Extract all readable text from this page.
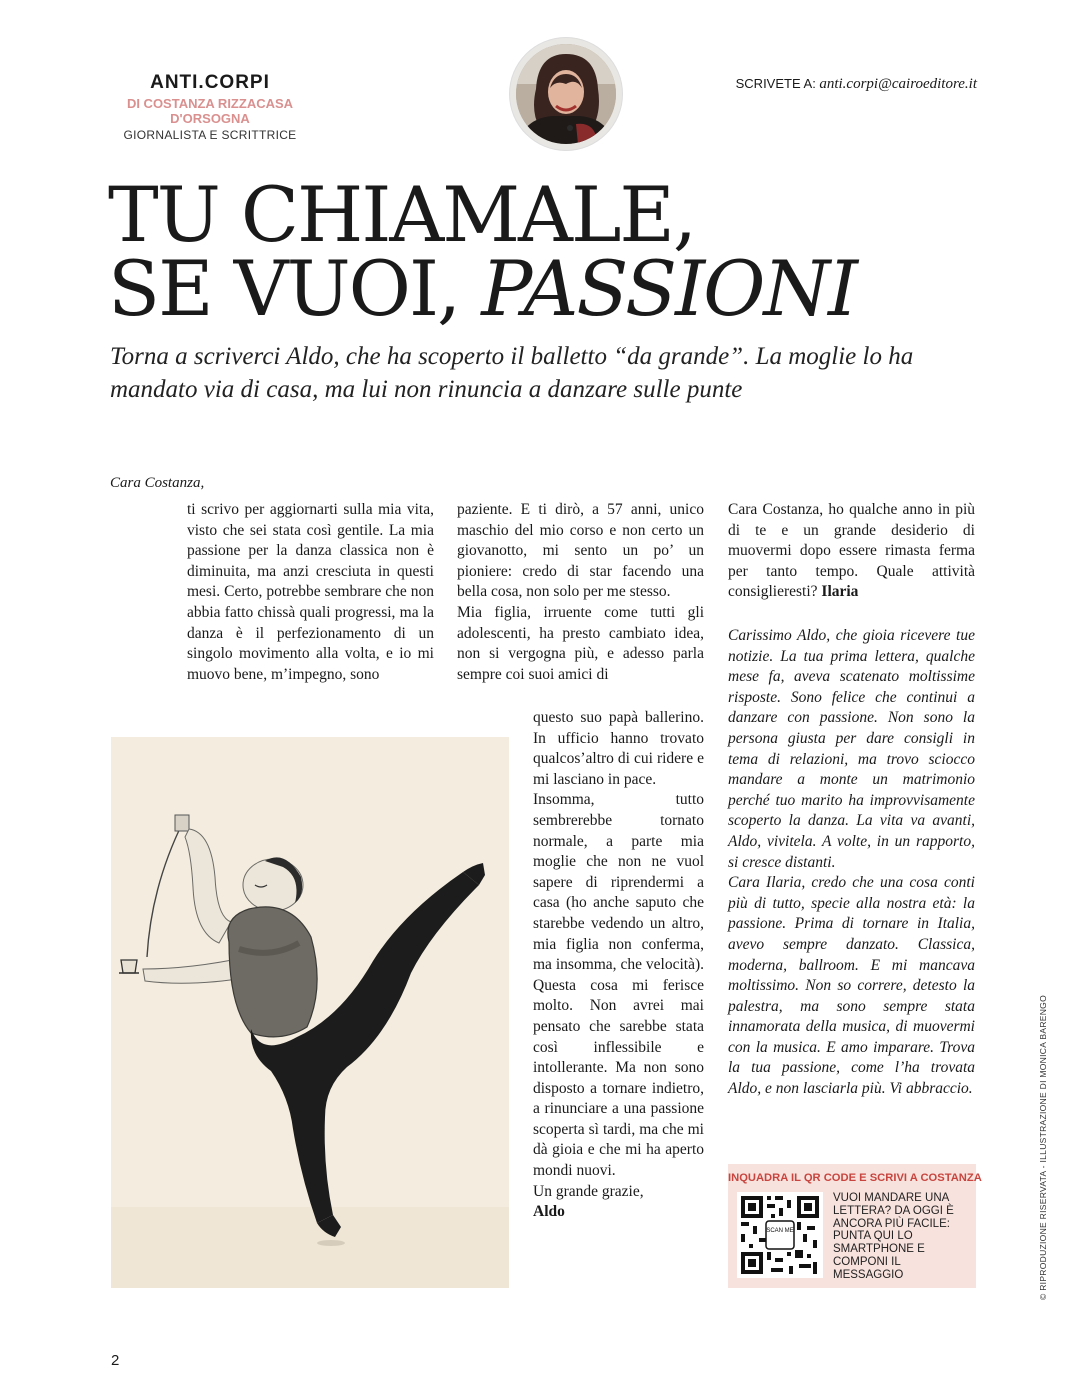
ANTI.CORPI
DI COSTANZA RIZZACASA D'ORSOGNA
GIORNALISTA E SCRITTRICE
SCRIVETE A: anti.corpi@cairoeditore.it
TU CHIAMALE,
SE VUOI, PASSIONI
Torna a scriverci Aldo, che ha scoperto il balletto “da grande”. La moglie lo ha mandato via di casa, ma lui non rinuncia a danzare sulle punte
Cara Costanza,

ti scrivo per aggiornarti sulla mia vita, visto che sei stata così gentile. La mia passione per la danza classica non è diminuita, ma anzi cresciuta in questi mesi. Certo, potrebbe sembrare che non abbia fatto chissà quali progressi, ma la danza è il perfezionamento di un singolo movimento alla volta, e io mi muovo bene, m’impegno, sono

paziente. E ti dirò, a 57 anni, unico maschio del mio corso e non certo un giovanotto, mi sento un po’ un pioniere: credo di star facendo una bella cosa, non solo per me stesso.

Mia figlia, irruente come tutti gli adolescenti, ha presto cambiato idea, non si vergogna più, e adesso parla sempre coi suoi amici di

questo suo papà ballerino. In ufficio hanno trovato qualcos’altro di cui ridere e mi lasciano in pace.

Insomma, tutto sembrerebbe tornato normale, a parte mia moglie che non ne vuol sapere di riprendermi a casa (ho anche saputo che starebbe vedendo un altro, mia figlia non conferma, ma insomma, che velocità). Questa cosa mi ferisce molto. Non avrei mai pensato che sarebbe stata così inflessibile e intollerante. Ma non sono disposto a tornare indietro, a rinunciare a una passione scoperta sì tardi, ma che mi dà gioia e che mi ha aperto mondi nuovi.

Un grande grazie,

Aldo

Cara Costanza, ho qualche anno in più di te e un grande desiderio di muovermi dopo essere rimasta ferma per tanto tempo. Quale attività consiglieresti? Ilaria

Carissimo Aldo, che gioia ricevere tue notizie. La tua prima lettera, qualche mese fa, aveva scatenato moltissime risposte. Sono felice che continui a danzare con passione. Non sono la persona giusta per dare consigli in tema di relazioni, ma trovo sciocco mandare a monte un matrimonio perché tuo marito ha improvvisamente scoperto la danza. La vita va avanti, Aldo, vivitela. A volte, in un rapporto, si cresce distanti.

Cara Ilaria, credo che una cosa conti più di tutto, specie alla nostra età: la passione. Prima di tornare in Italia, avevo sempre danzato. Classica, moderna, ballroom. E mi mancava moltissimo. Non so correre, detesto la palestra, ma sono sempre stata innamorata della musica, di muovermi con la musica. E amo imparare. Trova la tua passione, come l’ha trovata Aldo, e non lasciarla più. Vi abbraccio.

INQUADRA IL QR CODE E SCRIVI A COSTANZA
SCAN ME
VUOI MANDARE UNA LETTERA? DA OGGI È ANCORA PIÙ FACILE: PUNTA QUI LO SMARTPHONE E COMPONI IL MESSAGGIO	© RIPRODUZIONE RISERVATA - ILLUSTRAZIONE DI MONICA BARENGO
2
